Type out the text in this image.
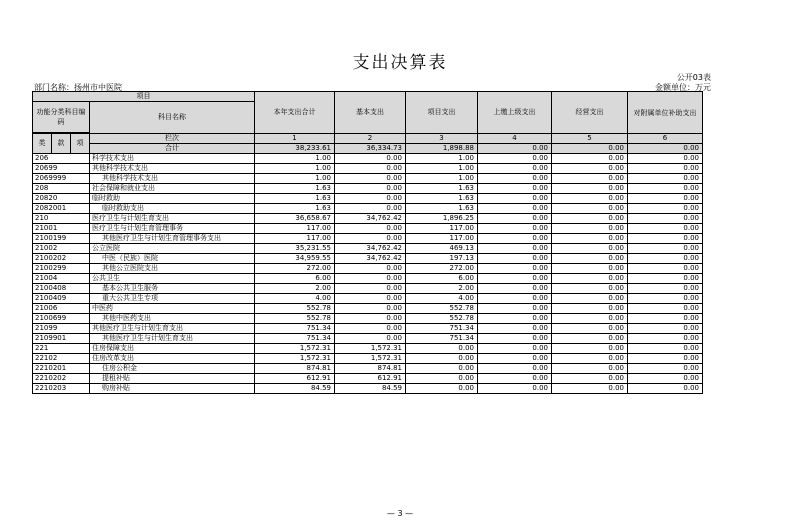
支出决算表
公开03表
金额单位：万元
部门名称：扬州市中医院
项目				本年支出合计	基本支出	项目支出	上缴上级支出	经营支出	对附属单位补助支出
功能分类科目编码			科目名称						

类	款	项	栏次	1	2	3	4	5	6
			合计	38,233.61	36,334.73	1,898.88	0.00	0.00	0.00
206			科学技术支出	1.00	0.00	1.00	0.00	0.00	0.00
20699			其他科学技术支出	1.00	0.00	1.00	0.00	0.00	0.00
2069999			其他科学技术支出	1.00	0.00	1.00	0.00	0.00	0.00
208			社会保障和就业支出	1.63	0.00	1.63	0.00	0.00	0.00
20820			临时救助	1.63	0.00	1.63	0.00	0.00	0.00
2082001			临时救助支出	1.63	0.00	1.63	0.00	0.00	0.00
210			医疗卫生与计划生育支出	36,658.67	34,762.42	1,896.25	0.00	0.00	0.00
21001			医疗卫生与计划生育管理事务	117.00	0.00	117.00	0.00	0.00	0.00
2100199			其他医疗卫生与计划生育管理事务支出	117.00	0.00	117.00	0.00	0.00	0.00
21002			公立医院	35,231.55	34,762.42	469.13	0.00	0.00	0.00
2100202			中医（民族）医院	34,959.55	34,762.42	197.13	0.00	0.00	0.00
2100299			其他公立医院支出	272.00	0.00	272.00	0.00	0.00	0.00
21004			公共卫生	6.00	0.00	6.00	0.00	0.00	0.00
2100408			基本公共卫生服务	2.00	0.00	2.00	0.00	0.00	0.00
2100409			重大公共卫生专项	4.00	0.00	4.00	0.00	0.00	0.00
21006			中医药	552.78	0.00	552.78	0.00	0.00	0.00
2100699			其他中医药支出	552.78	0.00	552.78	0.00	0.00	0.00
21099			其他医疗卫生与计划生育支出	751.34	0.00	751.34	0.00	0.00	0.00
2109901			其他医疗卫生与计划生育支出	751.34	0.00	751.34	0.00	0.00	0.00
221			住房保障支出	1,572.31	1,572.31	0.00	0.00	0.00	0.00
22102			住房改革支出	1,572.31	1,572.31	0.00	0.00	0.00	0.00
2210201			住房公积金	874.81	874.81	0.00	0.00	0.00	0.00
2210202			提租补贴	612.91	612.91	0.00	0.00	0.00	0.00
2210203			购房补贴	84.59	84.59	0.00	0.00	0.00	0.00
— 3 —
